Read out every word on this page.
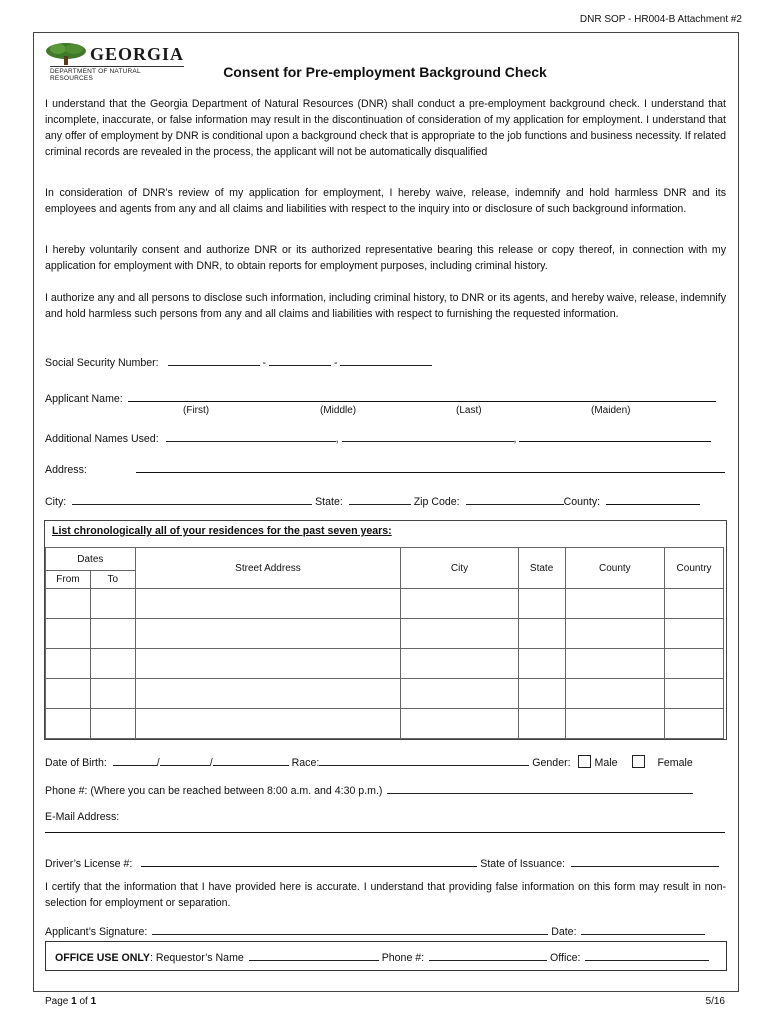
DNR SOP - HR004-B Attachment #2
GEORGIA
DEPARTMENT OF NATURAL RESOURCES	Consent for Pre-employment Background Check
I understand that the Georgia Department of Natural Resources (DNR) shall conduct a pre-employment background check. I understand that incomplete, inaccurate, or false information may result in the discontinuation of consideration of my application for employment. I understand that any offer of employment by DNR is conditional upon a background check that is appropriate to the job functions and business necessity. If related criminal records are revealed in the process, the applicant will not be automatically disqualified
In consideration of DNR's review of my application for employment, I hereby waive, release, indemnify and hold harmless DNR and its employees and agents from any and all claims and liabilities with respect to the inquiry into or disclosure of such background information.
I hereby voluntarily consent and authorize DNR or its authorized representative bearing this release or copy thereof, in connection with my application for employment with DNR, to obtain reports for employment purposes, including criminal history.
I authorize any and all persons to disclose such information, including criminal history, to DNR or its agents, and hereby waive, release, indemnify and hold harmless such persons from any and all claims and liabilities with respect to furnishing the requested information.
Social Security Number:	-	-
Applicant Name:
(First)	(Middle)	(Last)	(Maiden)
Additional Names Used:	,	,
Address:
City:	State:	Zip Code:	County:
List chronologically all of your residences for the past seven years:
Dates		Street Address	City	State	County	Country
From	To					

Date of Birth:	/	/	Race:	Gender: Male	Female
Phone #: (Where you can be reached between 8:00 a.m. and 4:30 p.m.)
E-Mail Address:
Driver’s License #:	State of Issuance:
I certify that the information that I have provided here is accurate. I understand that providing false information on this form may result in non-selection for employment or separation.
Applicant’s Signature:	Date:
OFFICE USE ONLY: Requestor’s Name	Phone #:	Office:
Page 1 of 1	5/16
